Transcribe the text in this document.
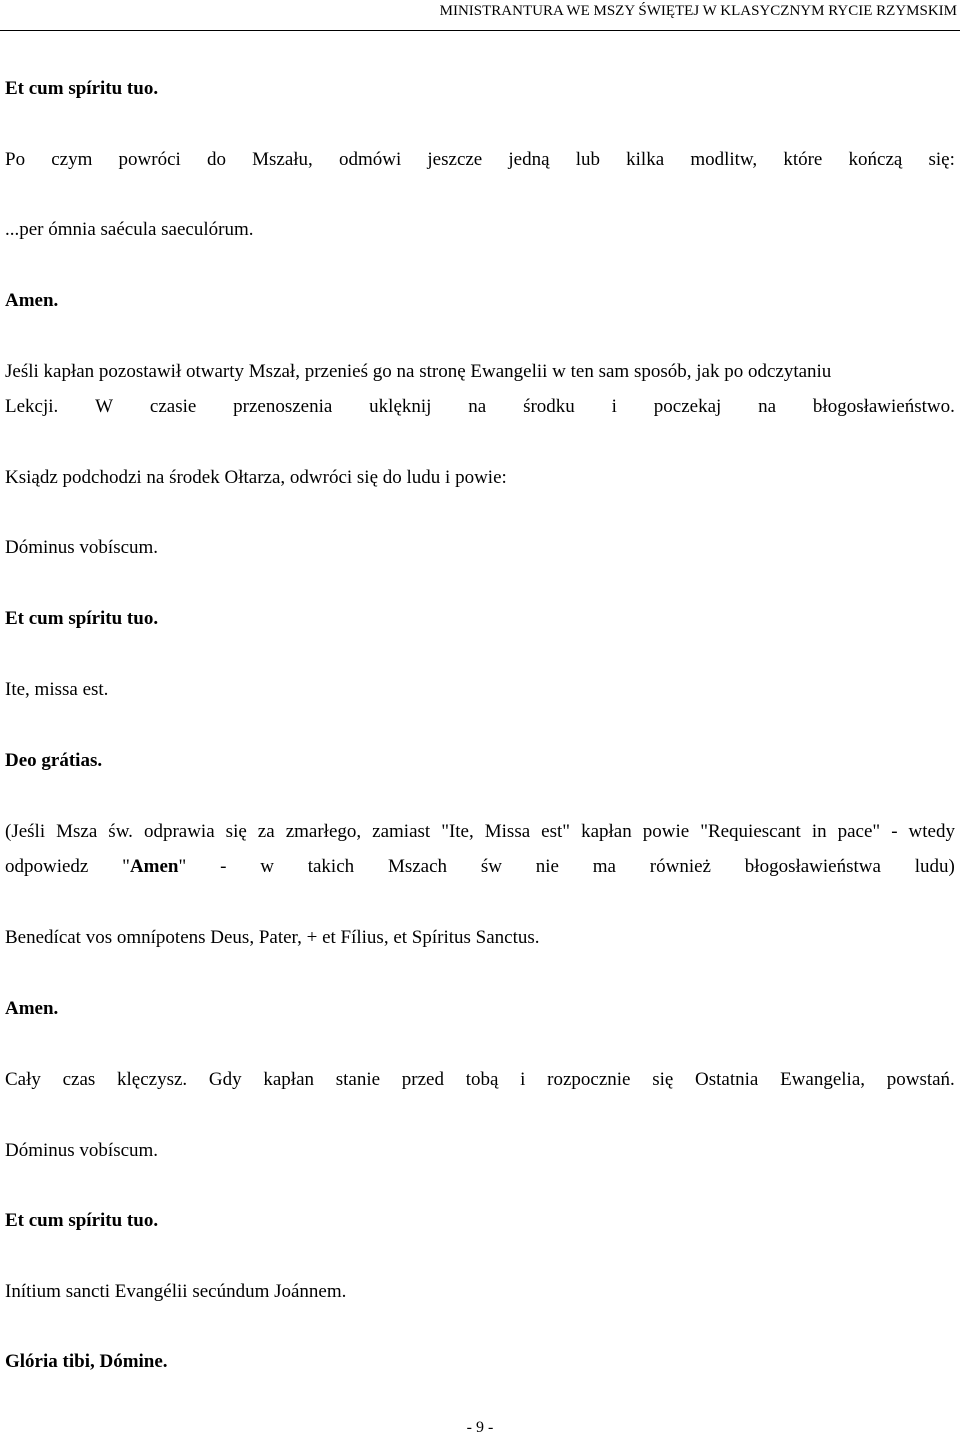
MINISTRANTURA WE MSZY ŚWIĘTEJ W KLASYCZNYM RYCIE RZYMSKIM
Et cum spíritu tuo.
Po czym powróci do Mszału, odmówi jeszcze jedną lub kilka modlitw, które kończą się:
...per ómnia saécula saeculórum.
Amen.
Jeśli kapłan pozostawił otwarty Mszał, przenieś go na stronę Ewangelii w ten sam sposób, jak po odczytaniu
Lekcji. W czasie przenoszenia uklęknij na środku i poczekaj na błogosławieństwo.
Ksiądz podchodzi na środek Ołtarza, odwróci się do ludu i powie:
Dóminus vobíscum.
Et cum spíritu tuo.
Ite, missa est.
Deo grátias.
(Jeśli Msza św. odprawia się za zmarłego, zamiast "Ite, Missa est" kapłan powie "Requiescant in pace" - wtedy
odpowiedz "Amen" - w takich Mszach św nie ma również błogosławieństwa ludu)
Benedícat vos omnípotens Deus, Pater, + et Fílius, et Spíritus Sanctus.
Amen.
Cały czas klęczysz. Gdy kapłan stanie przed tobą i rozpocznie się Ostatnia Ewangelia, powstań.
Dóminus vobíscum.
Et cum spíritu tuo.
Inítium sancti Evangélii secúndum Joánnem.
Glória tibi, Dómine.
- 9 -
